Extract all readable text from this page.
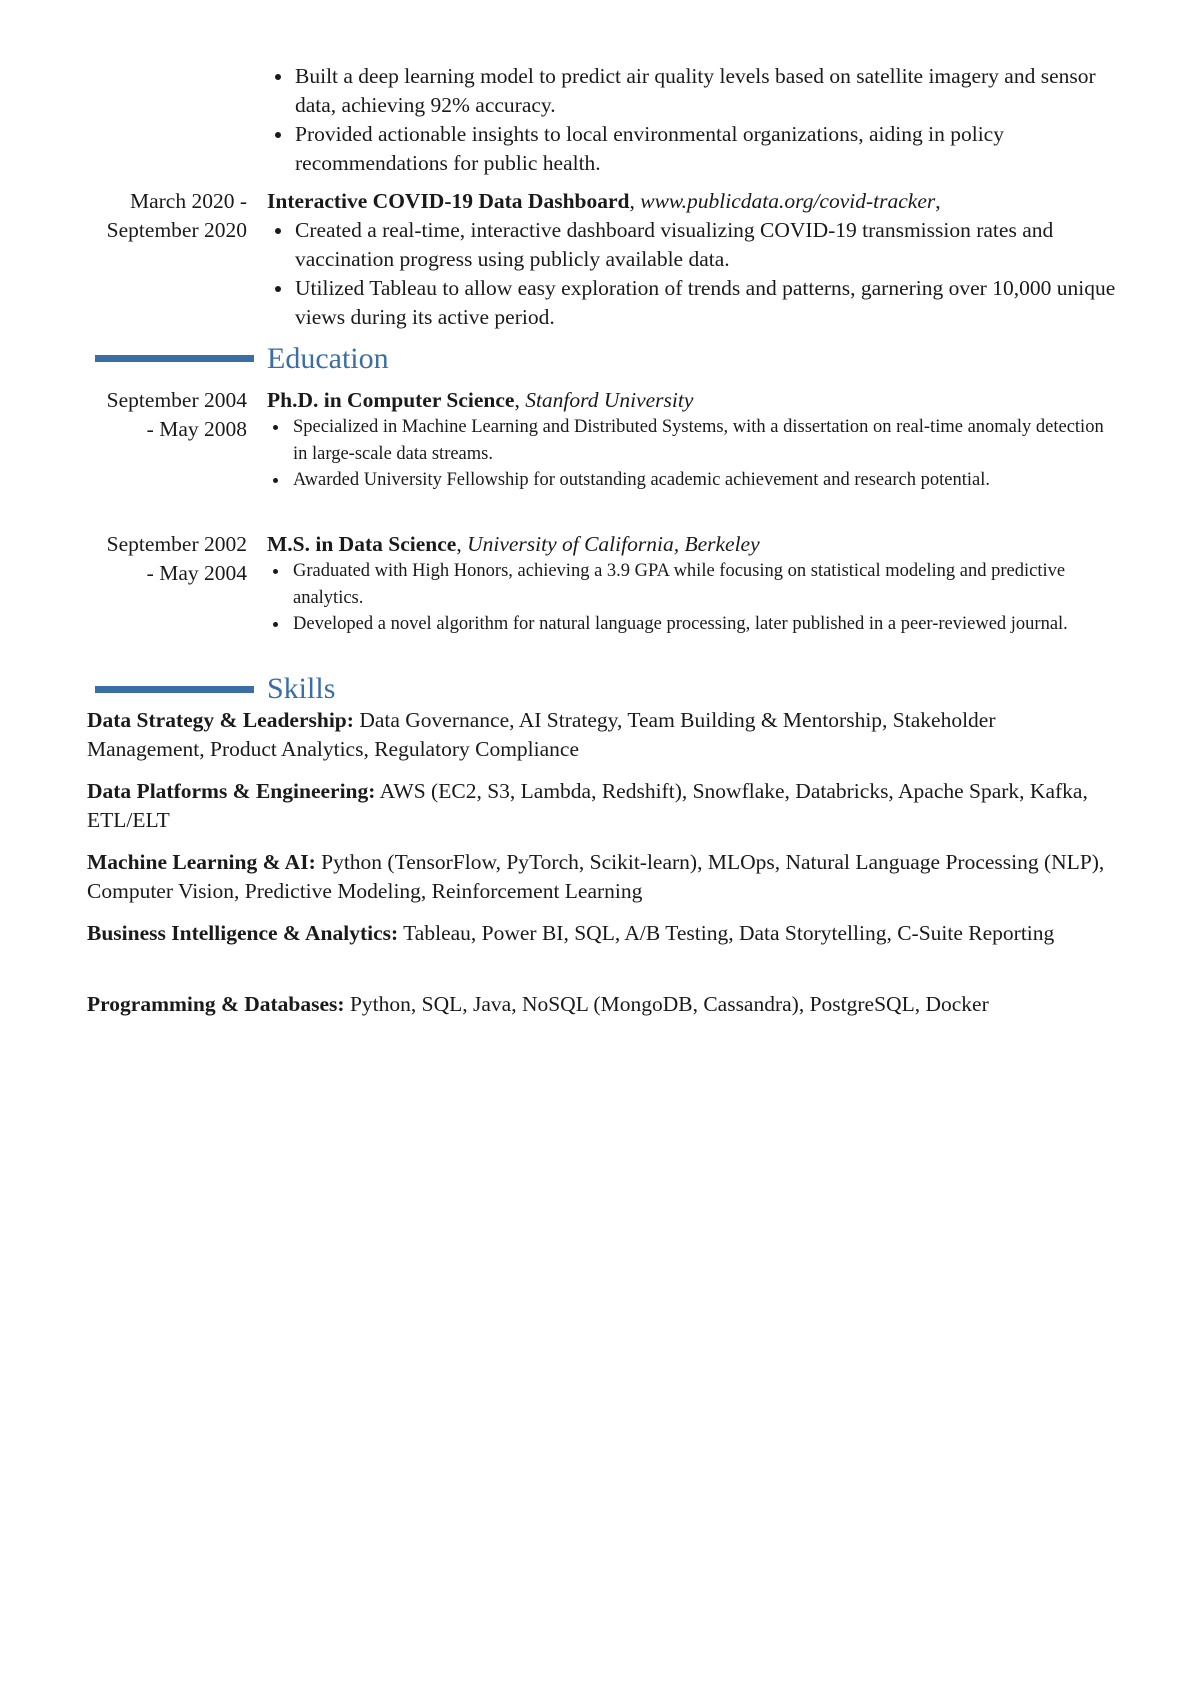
Built a deep learning model to predict air quality levels based on satellite imagery and sensor data, achieving 92% accuracy.
Provided actionable insights to local environmental organizations, aiding in policy recommendations for public health.
March 2020 - September 2020
Interactive COVID-19 Data Dashboard, www.publicdata.org/covid-tracker,
Created a real-time, interactive dashboard visualizing COVID-19 transmission rates and vaccination progress using publicly available data.
Utilized Tableau to allow easy exploration of trends and patterns, garnering over 10,000 unique views during its active period.
Education
September 2004 - May 2008
Ph.D. in Computer Science, Stanford University
Specialized in Machine Learning and Distributed Systems, with a dissertation on real-time anomaly detection in large-scale data streams.
Awarded University Fellowship for outstanding academic achievement and research potential.
September 2002 - May 2004
M.S. in Data Science, University of California, Berkeley
Graduated with High Honors, achieving a 3.9 GPA while focusing on statistical modeling and predictive analytics.
Developed a novel algorithm for natural language processing, later published in a peer-reviewed journal.
Skills
Data Strategy & Leadership: Data Governance, AI Strategy, Team Building & Mentorship, Stakeholder Management, Product Analytics, Regulatory Compliance
Data Platforms & Engineering: AWS (EC2, S3, Lambda, Redshift), Snowflake, Databricks, Apache Spark, Kafka, ETL/ELT
Machine Learning & AI: Python (TensorFlow, PyTorch, Scikit-learn), MLOps, Natural Language Processing (NLP), Computer Vision, Predictive Modeling, Reinforcement Learning
Business Intelligence & Analytics: Tableau, Power BI, SQL, A/B Testing, Data Storytelling, C-Suite Reporting
Programming & Databases: Python, SQL, Java, NoSQL (MongoDB, Cassandra), PostgreSQL, Docker
